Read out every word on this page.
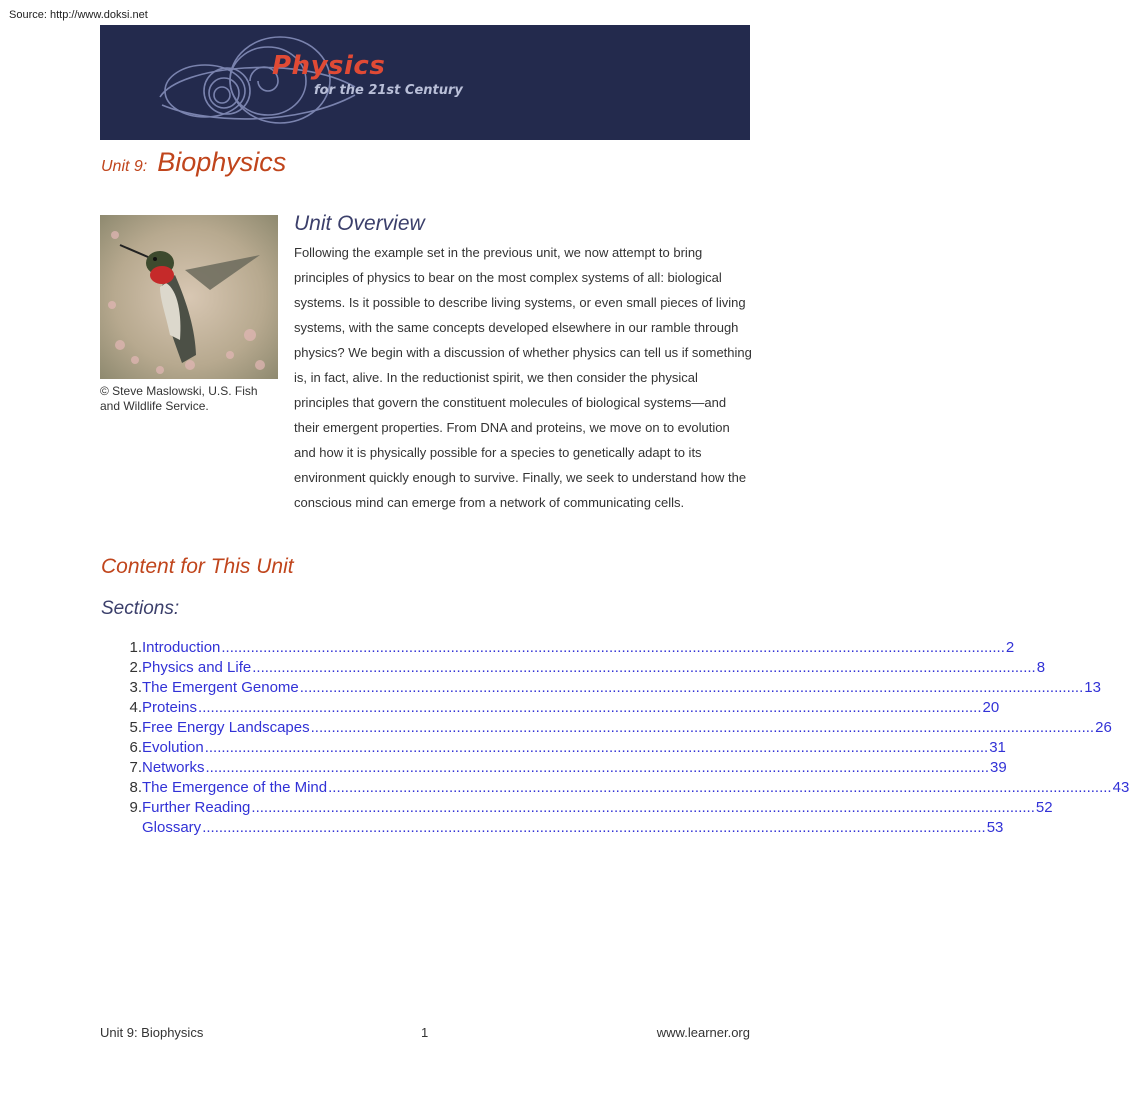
Source: http://www.doksi.net
Physics
for the 21st Century
Unit 9: Biophysics
© Steve Maslowski, U.S. Fish and Wildlife Service.
Unit Overview

Following the example set in the previous unit, we now attempt to bring principles of physics to bear on the most complex systems of all: biological systems. Is it possible to describe living systems, or even small pieces of living systems, with the same concepts developed elsewhere in our ramble through physics? We begin with a discussion of whether physics can tell us if something is, in fact, alive. In the reductionist spirit, we then consider the physical principles that govern the constituent molecules of biological systems—and their emergent properties. From DNA and proteins, we move on to evolution and how it is physically possible for a species to genetically adapt to its environment quickly enough to survive. Finally, we seek to understand how the conscious mind can emerge from a network of communicating cells.

Content for This Unit
Sections:
1. Introduction .....	2
2. Physics and Life .....	8
3. The Emergent Genome .....	13
4. Proteins .....	20
5. Free Energy Landscapes .....	26
6. Evolution .....	31
7. Networks .....	39
8. The Emergence of the Mind .....	43
9. Further Reading .....	52
Glossary .....	53
Unit 9: Biophysics	1	www.learner.org
